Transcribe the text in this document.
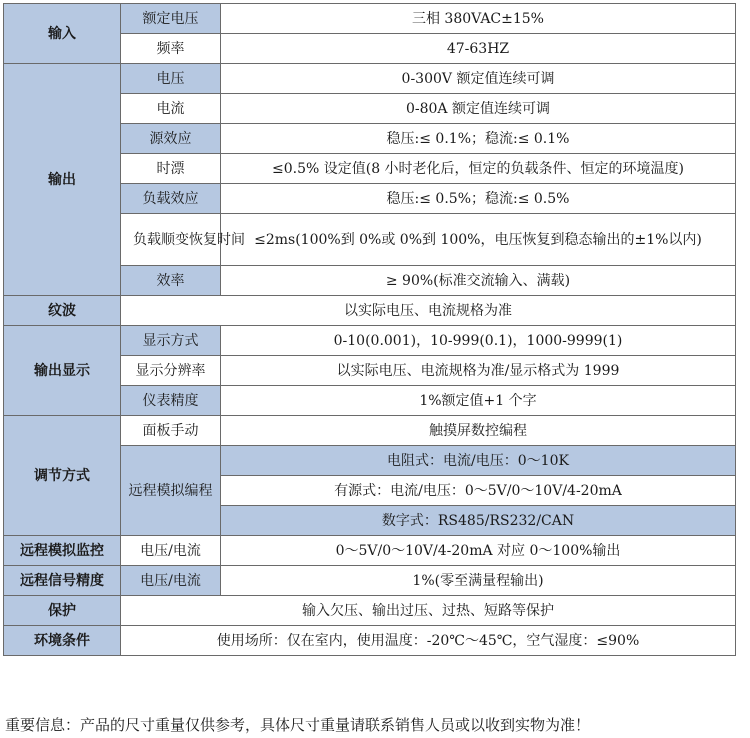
输入	额定电压	三相 380VAC±15%
	频率	47-63HZ
输出	电压	0-300V 额定值连续可调
	电流	0-80A 额定值连续可调
	源效应	稳压:≤ 0.1%；稳流:≤ 0.1%
	时漂	≤0.5% 设定值(8 小时老化后，恒定的负载条件、恒定的环境温度)
	负载效应	稳压:≤ 0.5%；稳流:≤ 0.5%
	负载顺变恢复时间	≤2ms(100%到 0%或 0%到 100%，电压恢复到稳态输出的±1%以内)
	效率	≥ 90%(标准交流输入、满载)
纹波	以实际电压、电流规格为准	
输出显示	显示方式	0-10(0.001)，10-999(0.1)，1000-9999(1)
	显示分辨率	以实际电压、电流规格为准/显示格式为 1999
	仪表精度	1%额定值+1 个字
调节方式	面板手动	触摸屏数控编程
	远程模拟编程	电阻式：电流/电压：0～10K
		有源式：电流/电压：0～5V/0～10V/4-20mA
		数字式：RS485/RS232/CAN
远程模拟监控	电压/电流	0～5V/0～10V/4-20mA 对应 0～100%输出
远程信号精度	电压/电流	1%(零至满量程输出)
保护	输入欠压、输出过压、过热、短路等保护	
环境条件	使用场所：仅在室内，使用温度：-20℃～45℃，空气湿度：≤90%	
重要信息：产品的尺寸重量仅供参考，具体尺寸重量请联系销售人员或以收到实物为准！
